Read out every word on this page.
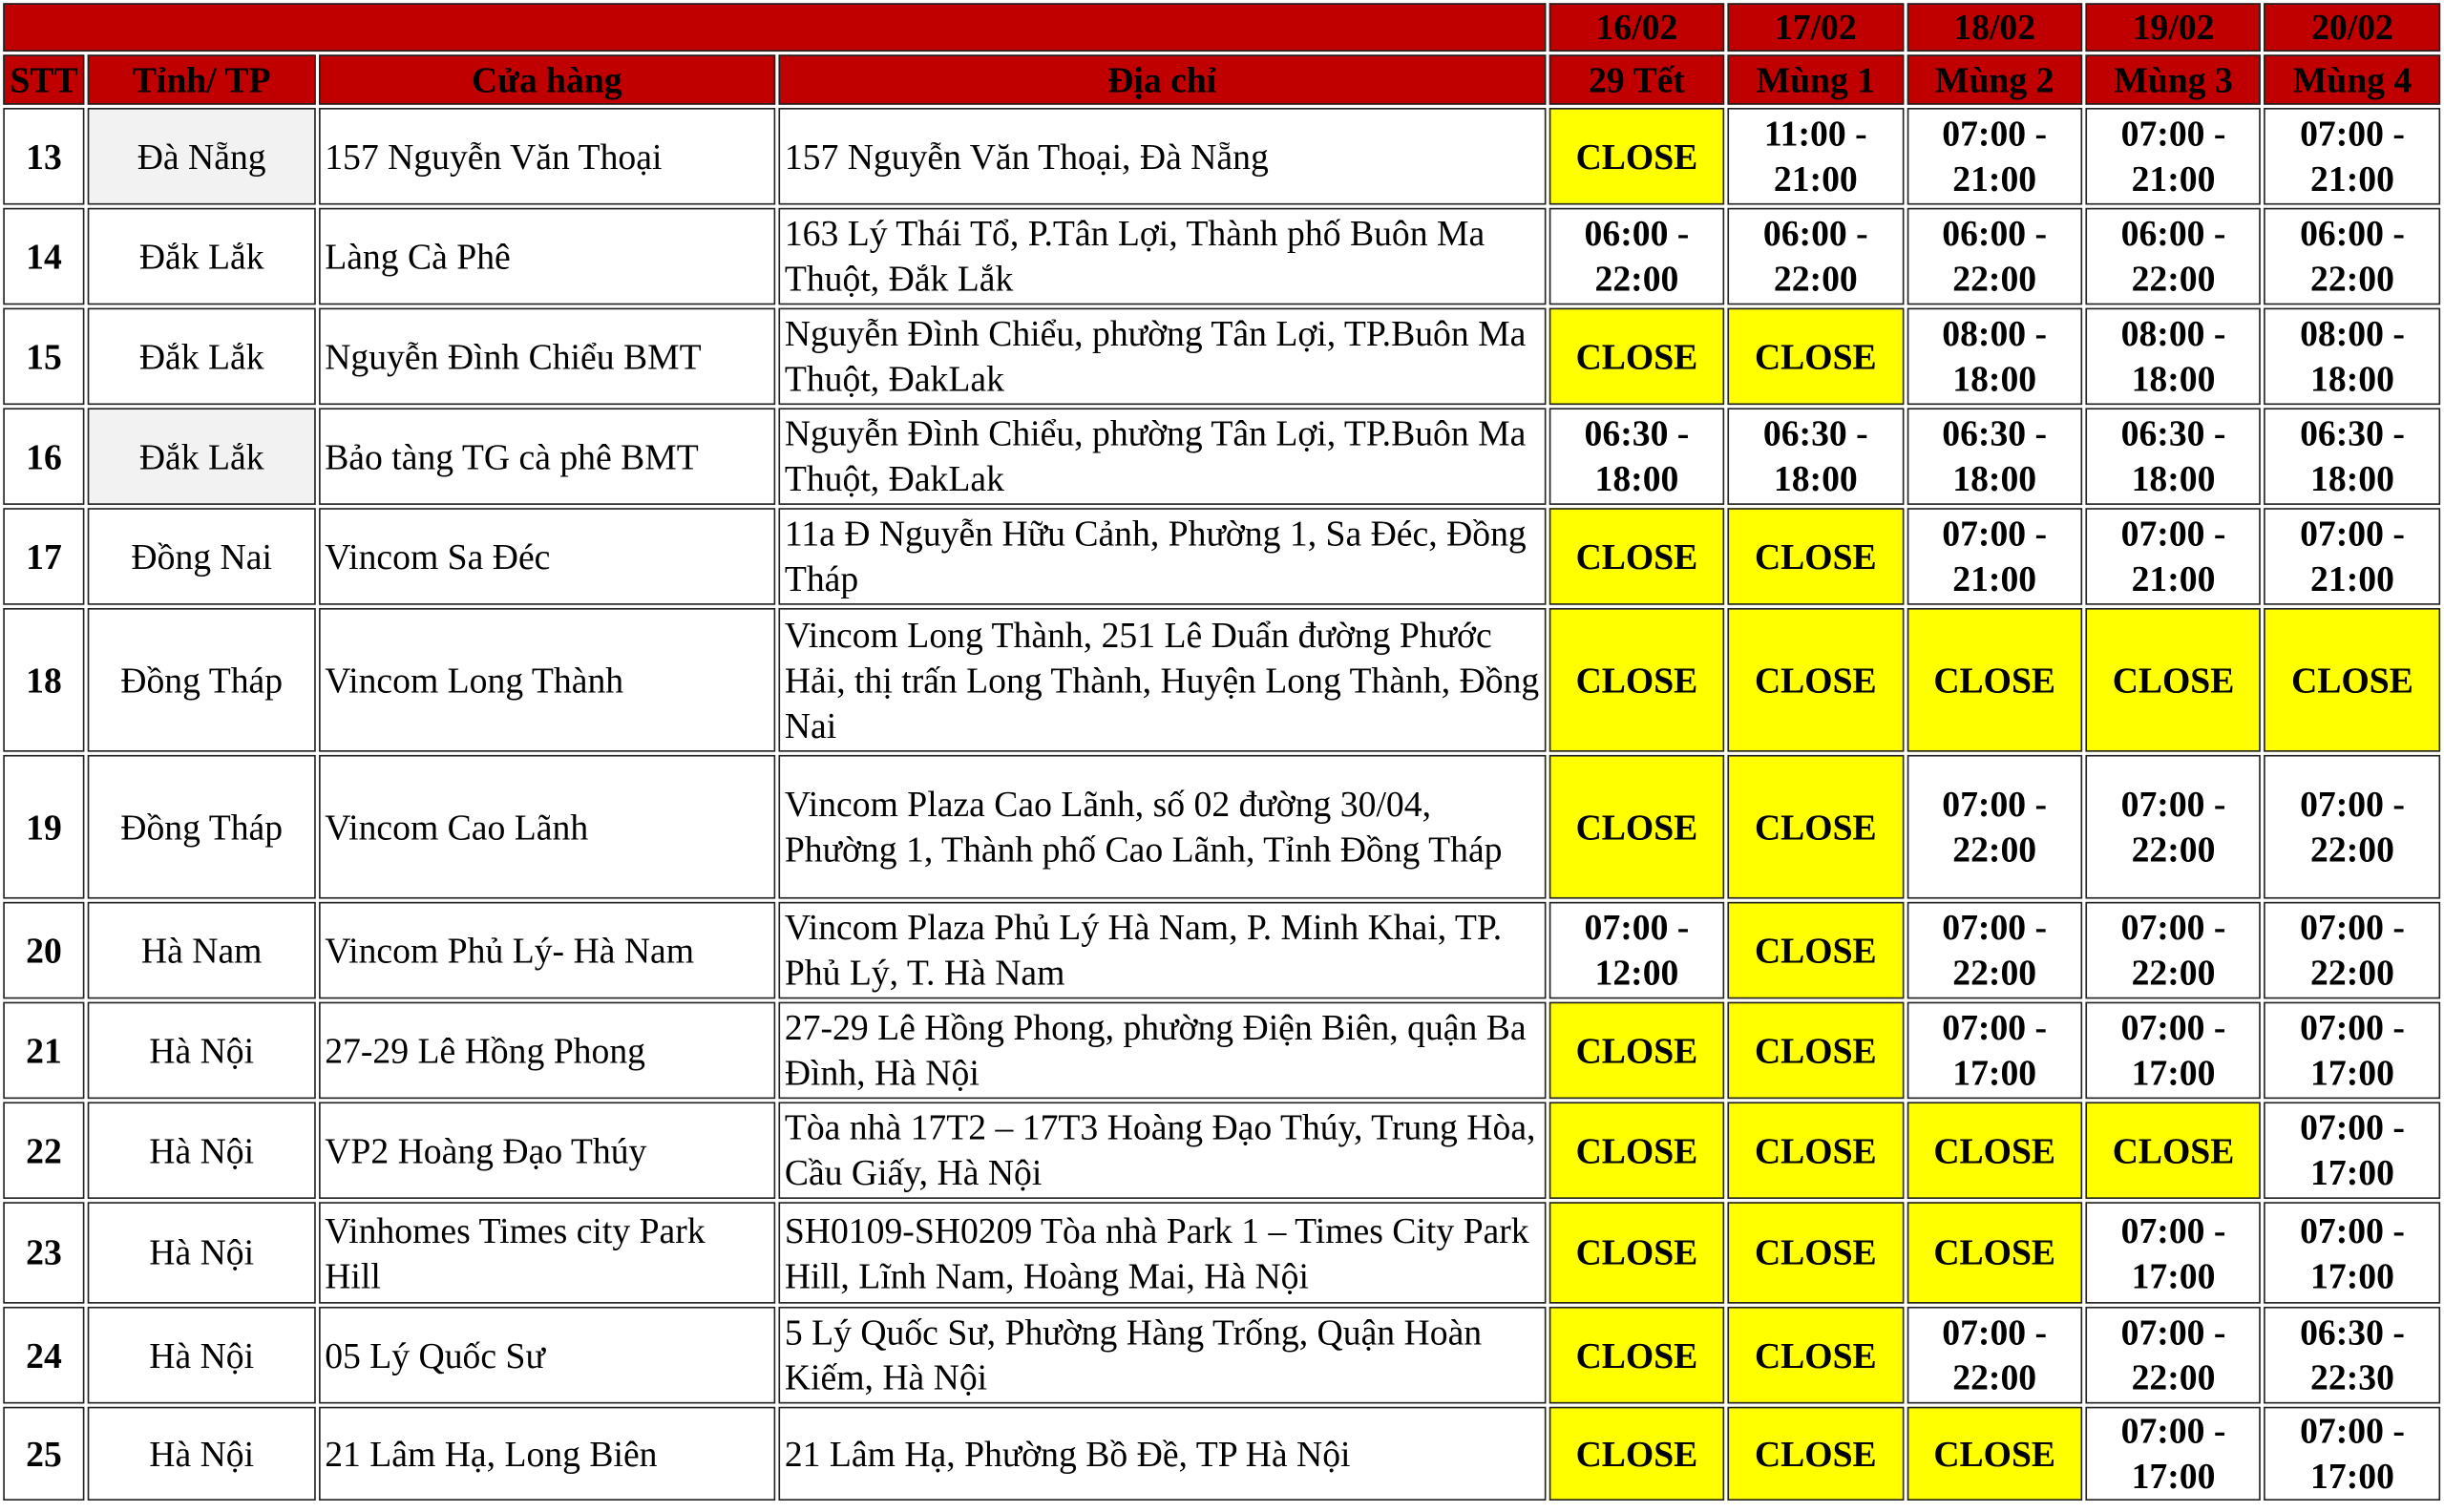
				16/02	17/02	18/02	19/02	20/02
STT	Tỉnh/ TP	Cửa hàng	Địa chỉ	29 Tết	Mùng 1	Mùng 2	Mùng 3	Mùng 4
13	Đà Nẵng	157 Nguyễn Văn Thoại	157 Nguyễn Văn Thoại, Đà Nẵng	CLOSE	11:00 - 21:00	07:00 - 21:00	07:00 - 21:00	07:00 - 21:00
14	Đắk Lắk	Làng Cà Phê	163 Lý Thái Tổ, P.Tân Lợi, Thành phố Buôn Ma Thuột, Đắk Lắk	06:00 - 22:00	06:00 - 22:00	06:00 - 22:00	06:00 - 22:00	06:00 - 22:00
15	Đắk Lắk	Nguyễn Đình Chiểu BMT	Nguyễn Đình Chiểu, phường Tân Lợi, TP.Buôn Ma Thuột, ĐakLak	CLOSE	CLOSE	08:00 - 18:00	08:00 - 18:00	08:00 - 18:00
16	Đắk Lắk	Bảo tàng TG cà phê BMT	Nguyễn Đình Chiểu, phường Tân Lợi, TP.Buôn Ma Thuột, ĐakLak	06:30 - 18:00	06:30 - 18:00	06:30 - 18:00	06:30 - 18:00	06:30 - 18:00
17	Đồng Nai	Vincom Sa Đéc	11a Đ Nguyễn Hữu Cảnh, Phường 1, Sa Đéc, Đồng Tháp	CLOSE	CLOSE	07:00 - 21:00	07:00 - 21:00	07:00 - 21:00
18	Đồng Tháp	Vincom Long Thành	Vincom Long Thành, 251 Lê Duẩn đường Phước Hải, thị trấn Long Thành, Huyện Long Thành, Đồng Nai	CLOSE	CLOSE	CLOSE	CLOSE	CLOSE
19	Đồng Tháp	Vincom Cao Lãnh	Vincom Plaza Cao Lãnh, số 02 đường 30/04, Phường 1, Thành phố Cao Lãnh, Tỉnh Đồng Tháp	CLOSE	CLOSE	07:00 - 22:00	07:00 - 22:00	07:00 - 22:00
20	Hà Nam	Vincom Phủ Lý- Hà Nam	Vincom Plaza Phủ Lý Hà Nam, P. Minh Khai, TP. Phủ Lý, T. Hà Nam	07:00 - 12:00	CLOSE	07:00 - 22:00	07:00 - 22:00	07:00 - 22:00
21	Hà Nội	27-29 Lê Hồng Phong	27-29 Lê Hồng Phong, phường Điện Biên, quận Ba Đình, Hà Nội	CLOSE	CLOSE	07:00 - 17:00	07:00 - 17:00	07:00 - 17:00
22	Hà Nội	VP2 Hoàng Đạo Thúy	Tòa nhà 17T2 – 17T3 Hoàng Đạo Thúy, Trung Hòa, Cầu Giấy, Hà Nội	CLOSE	CLOSE	CLOSE	CLOSE	07:00 - 17:00
23	Hà Nội	Vinhomes Times city Park Hill	SH0109-SH0209 Tòa nhà Park 1 – Times City Park Hill, Lĩnh Nam, Hoàng Mai, Hà Nội	CLOSE	CLOSE	CLOSE	07:00 - 17:00	07:00 - 17:00
24	Hà Nội	05 Lý Quốc Sư	5 Lý Quốc Sư, Phường Hàng Trống, Quận Hoàn Kiếm, Hà Nội	CLOSE	CLOSE	07:00 - 22:00	07:00 - 22:00	06:30 - 22:30
25	Hà Nội	21 Lâm Hạ, Long Biên	21 Lâm Hạ, Phường Bồ Đề, TP Hà Nội	CLOSE	CLOSE	CLOSE	07:00 - 17:00	07:00 - 17:00
